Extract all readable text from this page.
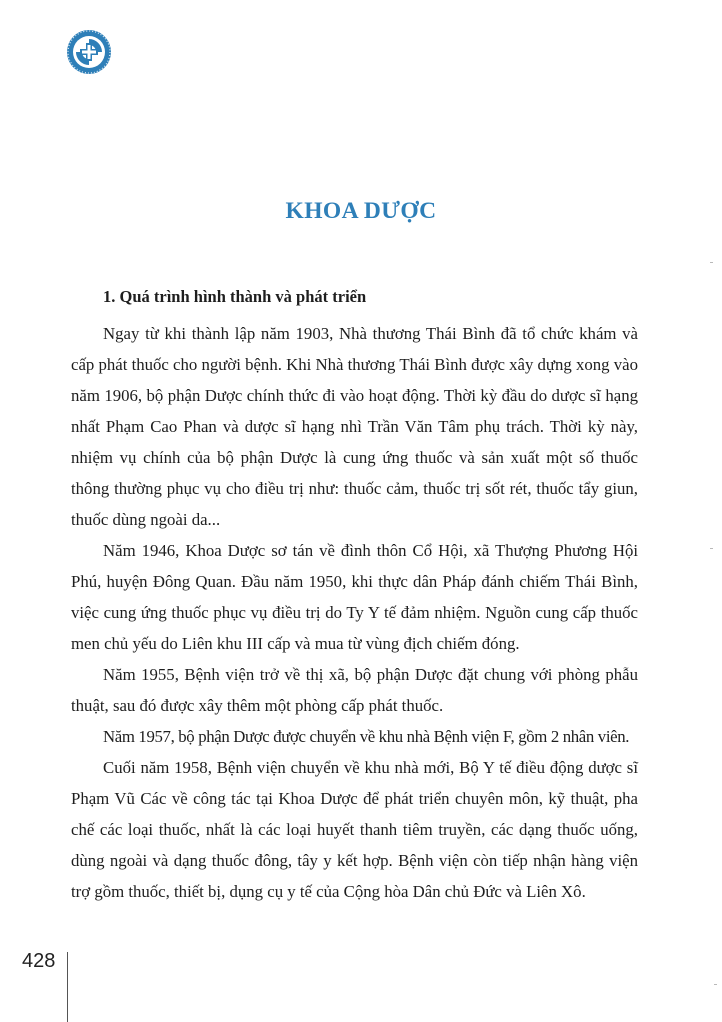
KHOA DƯỢC
1. Quá trình hình thành và phát triển

Ngay từ khi thành lập năm 1903, Nhà thương Thái Bình đã tổ chức khám và cấp phát thuốc cho người bệnh. Khi Nhà thương Thái Bình được xây dựng xong vào năm 1906, bộ phận Dược chính thức đi vào hoạt động. Thời kỳ đầu do dược sĩ hạng nhất Phạm Cao Phan và dược sĩ hạng nhì Trần Văn Tâm phụ trách. Thời kỳ này, nhiệm vụ chính của bộ phận Dược là cung ứng thuốc và sản xuất một số thuốc thông thường phục vụ cho điều trị như: thuốc cảm, thuốc trị sốt rét, thuốc tẩy giun, thuốc dùng ngoài da...

Năm 1946, Khoa Dược sơ tán về đình thôn Cổ Hội, xã Thượng Phương Hội Phú, huyện Đông Quan. Đầu năm 1950, khi thực dân Pháp đánh chiếm Thái Bình, việc cung ứng thuốc phục vụ điều trị do Ty Y tế đảm nhiệm. Nguồn cung cấp thuốc men chủ yếu do Liên khu III cấp và mua từ vùng địch chiếm đóng.

Năm 1955, Bệnh viện trở về thị xã, bộ phận Dược đặt chung với phòng phẫu thuật, sau đó được xây thêm một phòng cấp phát thuốc.

Năm 1957, bộ phận Dược được chuyển về khu nhà Bệnh viện F, gồm 2 nhân viên.

Cuối năm 1958, Bệnh viện chuyển về khu nhà mới, Bộ Y tế điều động dược sĩ Phạm Vũ Các về công tác tại Khoa Dược để phát triển chuyên môn, kỹ thuật, pha chế các loại thuốc, nhất là các loại huyết thanh tiêm truyền, các dạng thuốc uống, dùng ngoài và dạng thuốc đông, tây y kết hợp. Bệnh viện còn tiếp nhận hàng viện trợ gồm thuốc, thiết bị, dụng cụ y tế của Cộng hòa Dân chủ Đức và Liên Xô.

428
